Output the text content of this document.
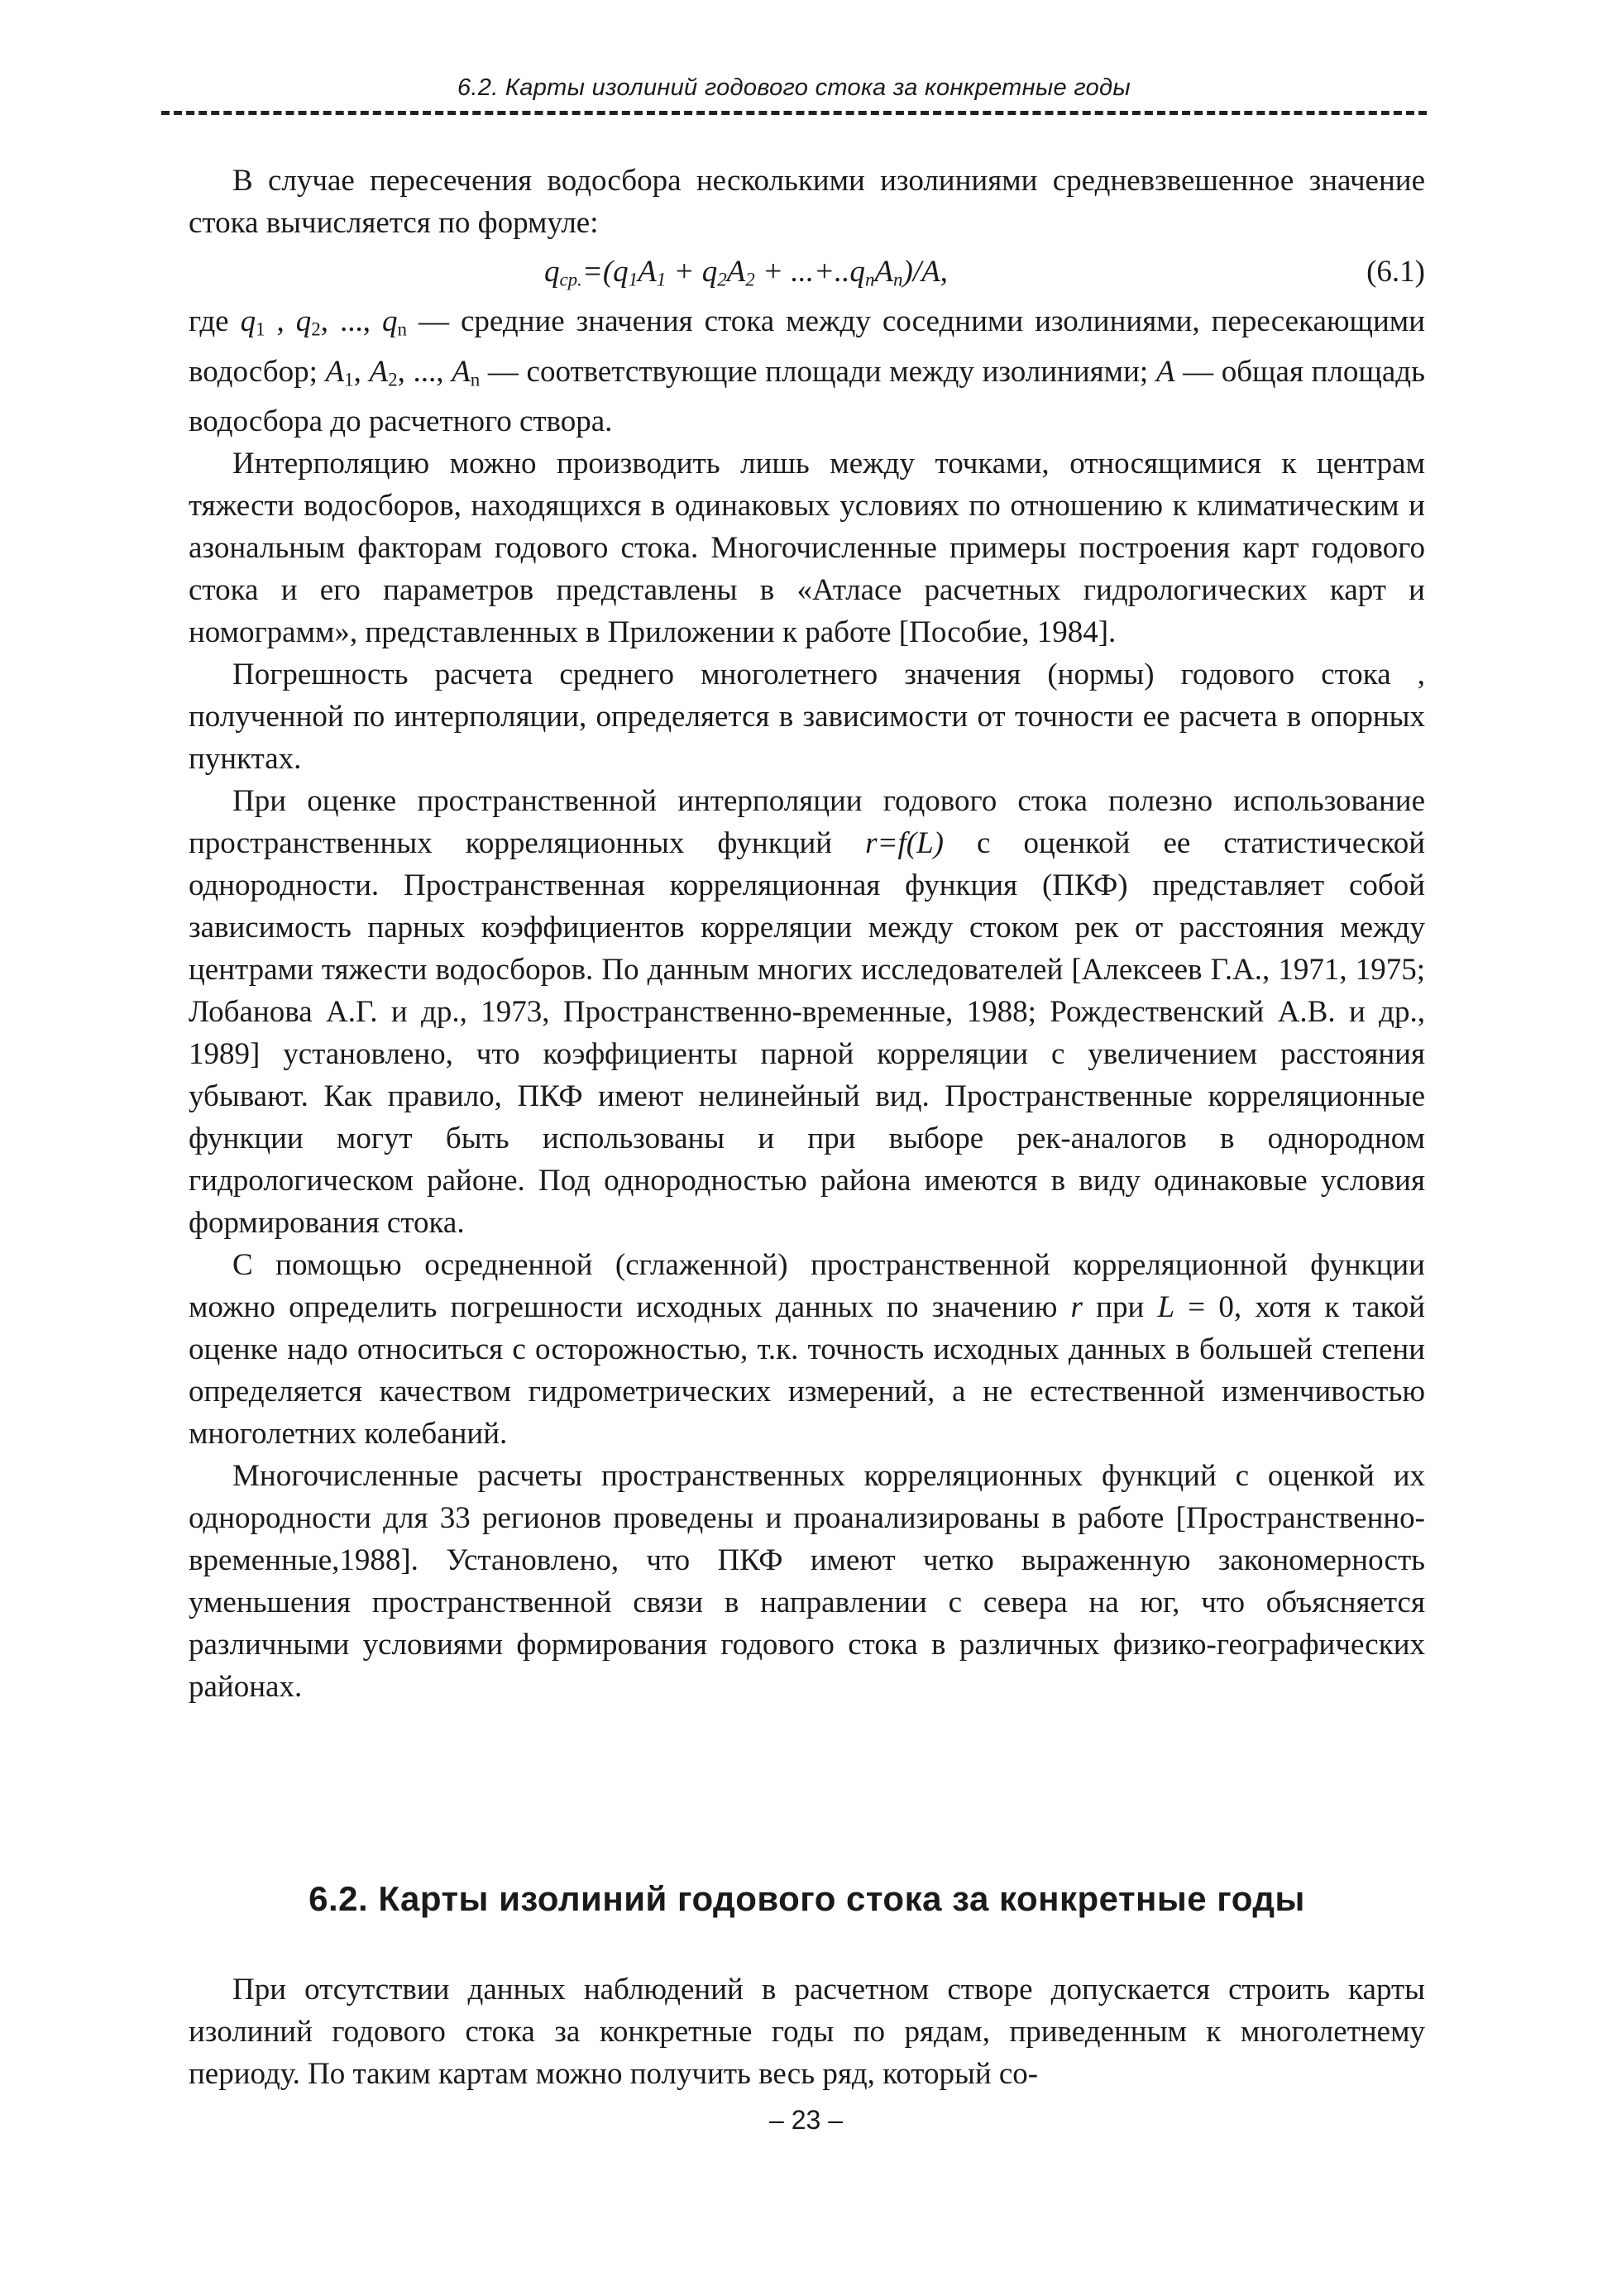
6.2. Карты изолиний годового стока за конкретные годы

В случае пересечения водосбора несколькими изолиниями средневзвешенное значение стока вычисляется по формуле:

$q_{ср.}=(q_1A_1 + q_2A_2 + ...+..q_nA_n)/A$,	(6.1)

где $q_1$ , $q_2$, ..., $q_n$ — средние значения стока между соседними изолиниями, пересекающими водосбор; $A_1$, $A_2$, ..., $A_n$ — соответствующие площади между изолиниями; A — общая площадь водосбора до расчетного створа.

Интерполяцию можно производить лишь между точками, относящимися к центрам тяжести водосборов, находящихся в одинаковых условиях по отношению к климатическим и азональным факторам годового стока. Многочисленные примеры построения карт годового стока и его параметров представлены в «Атласе расчетных гидрологических карт и номограмм», представленных в Приложении к работе [Пособие, 1984].

Погрешность расчета среднего многолетнего значения (нормы) годового стока , полученной по интерполяции, определяется в зависимости от точности ее расчета в опорных пунктах.

При оценке пространственной интерполяции годового стока полезно использование пространственных корреляционных функций r=f(L) с оценкой ее статистической однородности. Пространственная корреляционная функция (ПКФ) представляет собой зависимость парных коэффициентов корреляции между стоком рек от расстояния между центрами тяжести водосборов. По данным многих исследователей [Алексеев Г.А., 1971, 1975; Лобанова А.Г. и др., 1973, Пространственно-временные, 1988; Рождественский А.В. и др., 1989] установлено, что коэффициенты парной корреляции с увеличением расстояния убывают. Как правило, ПКФ имеют нелинейный вид. Пространственные корреляционные функции могут быть использованы и при выборе рек-аналогов в однородном гидрологическом районе. Под однородностью района имеются в виду одинаковые условия формирования стока.

С помощью осредненной (сглаженной) пространственной корреляционной функции можно определить погрешности исходных данных по значению r при L = 0, хотя к такой оценке надо относиться с осторожностью, т.к. точность исходных данных в большей степени определяется качеством гидрометрических измерений, а не естественной изменчивостью многолетних колебаний.

Многочисленные расчеты пространственных корреляционных функций с оценкой их однородности для 33 регионов проведены и проанализированы в работе [Пространственно-временные,1988]. Установлено, что ПКФ имеют четко выраженную закономерность уменьшения пространственной связи в направлении с севера на юг, что объясняется различными условиями формирования годового стока в различных физико-географических районах.

6.2. Карты изолиний годового стока за конкретные годы

При отсутствии данных наблюдений в расчетном створе допускается строить карты изолиний годового стока за конкретные годы по рядам, приведенным к многолетнему периоду. По таким картам можно получить весь ряд, который со-

– 23 –
